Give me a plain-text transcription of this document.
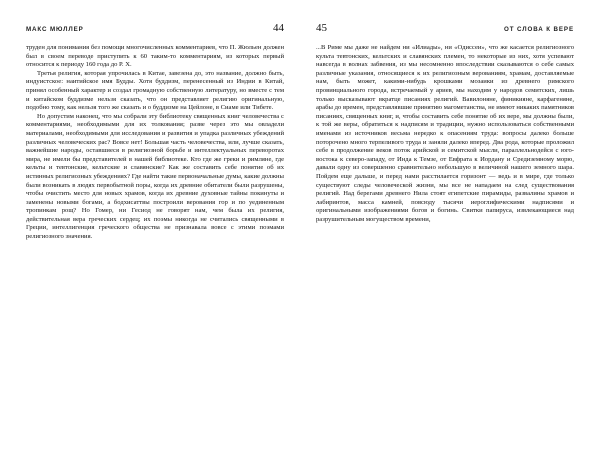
МАКС МЮЛЛЕР	44

труден для понимания без помощи многочисленных комментариев, что П. Жюльен должен был в своем переводе приступить к 60 таким-то комментариям, из которых первый относится к периоду 160 года до Р. Х.

Третья религия, которая упрочилась в Китае, завезена до, это название, должно быть, индуистское: наитийское имя Будды. Хотя буддизм, перенесенный из Индии в Китай, принял особенный характер и создал громадную собственную литературу, но вместе с тем и китайском буддизме нельзя сказать, что он представляет религию оригинальную, подобно тому, как нельзя того же сказать и о буддизме на Цейлоне, в Сиаме или Тибете.

Но допустим наконец, что мы собрали эту библиотеку священных книг человечества с комментариями, необходимыми для их толкования; разве через это мы овладели материалами, необходимыми для исследования и развития и упадка различных убеждений различных человеческих рас? Вовсе нет! Большая часть человечества, или, лучше сказать, важнейшие народы, оставшиеся в религиозной борьбе и интеллектуальных переворотах мира, не имели бы представителей в нашей библиотеке. Кто где же греки и римляне, где кельты и тевтонские, кельтские и славянские? Как же составить себе понятие об их истинных религиозных убеждениях? Где найти такие первоначальные думы, какие должны были возникать в людях первобытной поры, когда их древние обитатели были разрушены, чтобы очистить место для новых храмов, когда их древние духовные тайны покинуты и заменены новыми богами, а бодхисаттвы построили верования гор и по уединенным тропинкам рощ? Но Гомер, ни Гесиод не говорят нам, чем была их религия, действительная вера греческих сердец; их поэмы никогда не считались священными в Греции, интеллигенция греческого общества не признавала вовсе с этими поэмами религиозного значения.

45	ОТ СЛОВА К ВЕРЕ

...В Риме мы даже не найдем ни «Илиады», ни «Одиссеи», что же касается религиозного культа тевтонских, кельтских и славянских племен, то некоторые из них, хотя успевают навсегда в волнах забвения, из мы несомненно впоследствии сказываются о себе самых различные указания, относящиеся к их религиозным верованиям, храмам, доставляемые нам, быть может, какими-нибудь крошками мозаики из древнего римского провинциального города, встречаемый у ариев, мы находим у народов семитских, лишь только высказывают вкратце писаниях религий. Вавилоняне, финикияне, карфагеняне, арабы до времен, представлявшие принятию магометанства, не имеют никаких памятников писаниях, священных книг, и, чтобы составить себе понятие об их вере, мы должны были, к той же веры, обратиться к надписям и традиции, нужно использоваться собственными именами из источников весьма нередко к опасениям труда: вопросы далеко больше поторочено много терпеливого труда и заняли далеко вперед. Два рода, которые проложил себе в продолжение веков поток арийской и семитской мысли, параллельнодейся с юго-востока к северо-западу, от Инда к Темзе, от Евфрата к Иордану и Средиземному морю, давали одну из совершенно сравнительно небольшую в величиной нашего земного шара. Пойдем еще дальше, и перед нами расстилается горизонт — ведь и в мире, где только существуют следы человеческой жизни, мы все не нападаем на след существования религий. Над берегами древнего Нила стоят египетские пирамиды, развалины храмов и лабиринтов, масса камней, повсюду тысячи иероглифическими надписями и оригинальными изображениями богов и богинь. Свитки папируса, извлекающиеся над разрушительным могуществом времени,
